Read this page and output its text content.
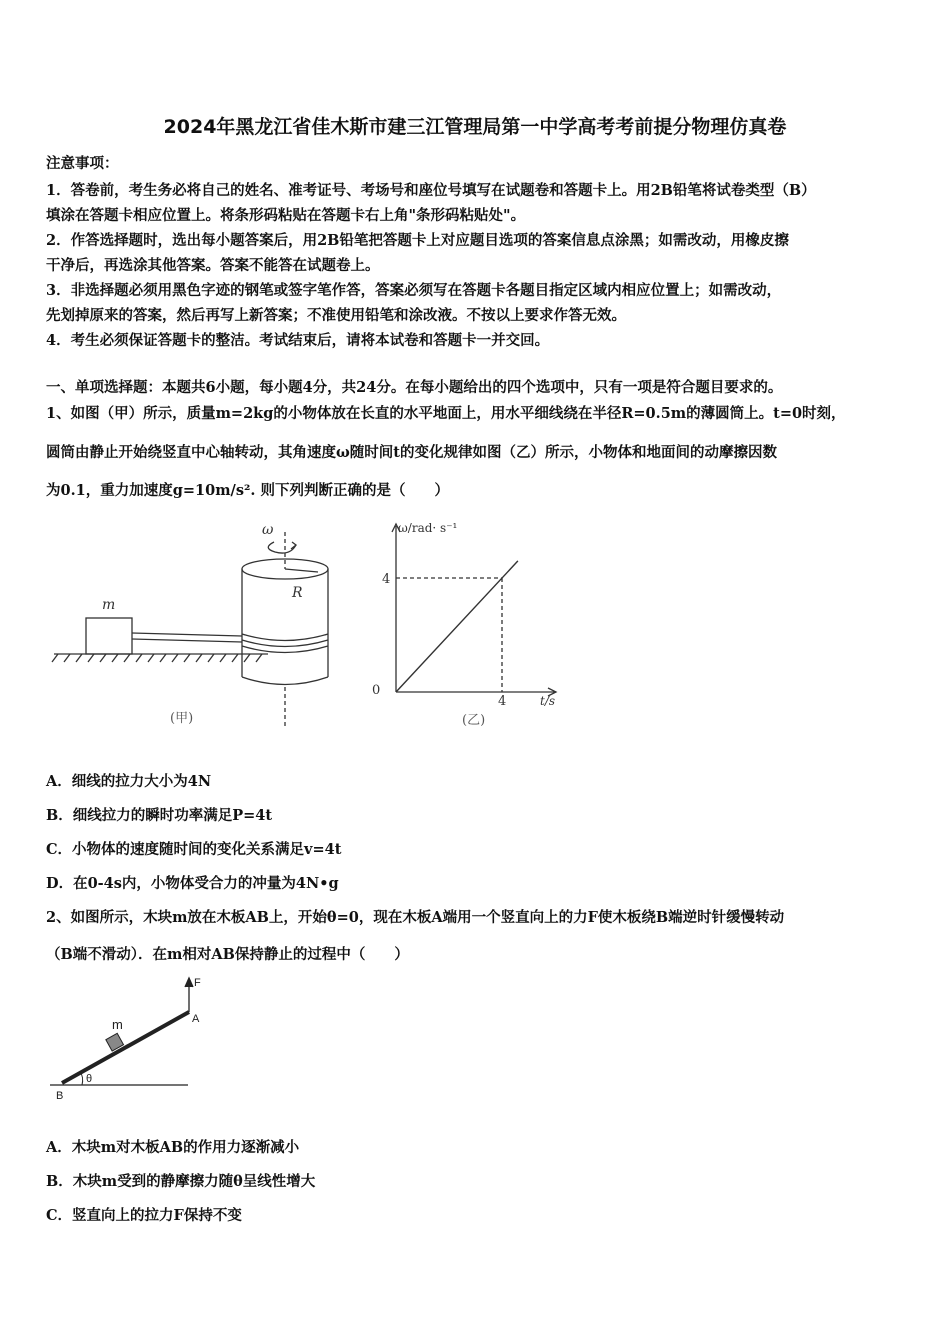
2024年黑龙江省佳木斯市建三江管理局第一中学高考考前提分物理仿真卷
注意事项：
1．答卷前，考生务必将自己的姓名、准考证号、考场号和座位号填写在试题卷和答题卡上。用2B铅笔将试卷类型（B）
填涂在答题卡相应位置上。将条形码粘贴在答题卡右上角"条形码粘贴处"。
2．作答选择题时，选出每小题答案后，用2B铅笔把答题卡上对应题目选项的答案信息点涂黑；如需改动，用橡皮擦
干净后，再选涂其他答案。答案不能答在试题卷上。
3．非选择题必须用黑色字迹的钢笔或签字笔作答，答案必须写在答题卡各题目指定区域内相应位置上；如需改动，
先划掉原来的答案，然后再写上新答案；不准使用铅笔和涂改液。不按以上要求作答无效。
4．考生必须保证答题卡的整洁。考试结束后，请将本试卷和答题卡一并交回。
一、单项选择题：本题共6小题，每小题4分，共24分。在每小题给出的四个选项中，只有一项是符合题目要求的。
1、如图（甲）所示，质量m=2kg的小物体放在长直的水平地面上，用水平细线绕在半径R=0.5m的薄圆筒上。t=0时刻，
圆筒由静止开始绕竖直中心轴转动，其角速度ω随时间t的变化规律如图（乙）所示，小物体和地面间的动摩擦因数
为0.1，重力加速度g=10m/s². 则下列判断正确的是（　　）
m
ω
R
(甲)
ω/rad· s⁻¹
t/s
4
4
0
(乙)
A．细线的拉力大小为4N
B．细线拉力的瞬时功率满足P=4t
C．小物体的速度随时间的变化关系满足v=4t
D．在0-4s内，小物体受合力的冲量为4N•g
2、如图所示，木块m放在木板AB上，开始θ=0，现在木板A端用一个竖直向上的力F使木板绕B端逆时针缓慢转动
（B端不滑动）．在m相对AB保持静止的过程中（　　）
F
m	A
B
θ
A．木块m对木板AB的作用力逐渐减小
B．木块m受到的静摩擦力随θ呈线性增大
C．竖直向上的拉力F保持不变
